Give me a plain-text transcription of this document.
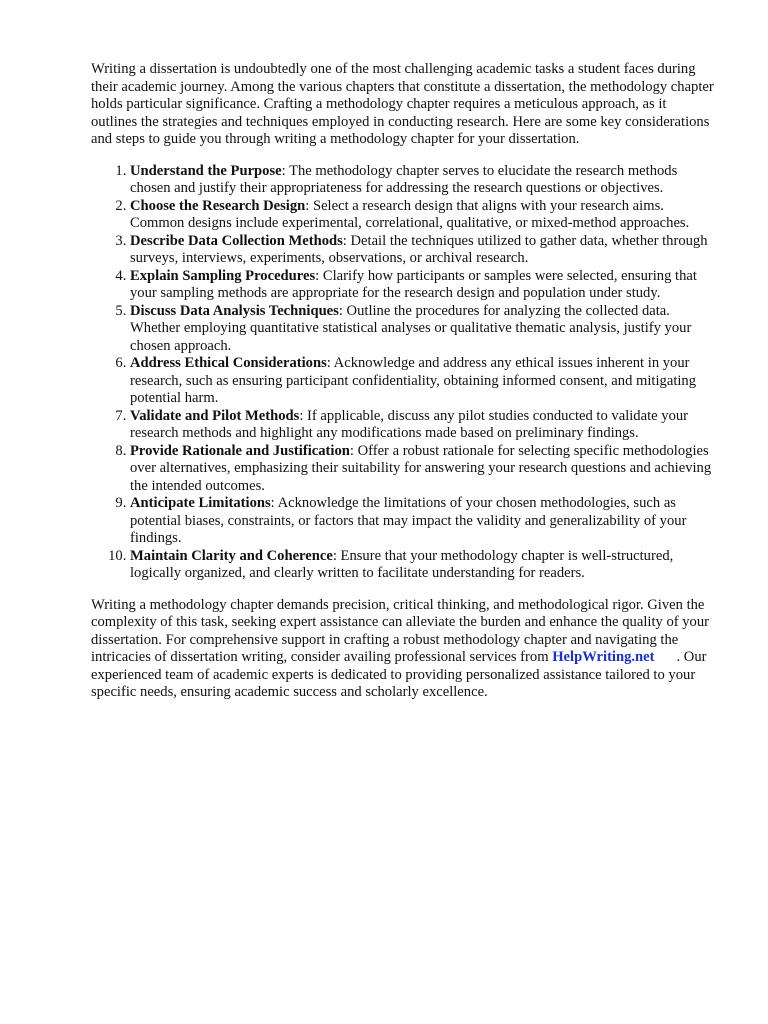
Writing a dissertation is undoubtedly one of the most challenging academic tasks a student faces during their academic journey. Among the various chapters that constitute a dissertation, the methodology chapter holds particular significance. Crafting a methodology chapter requires a meticulous approach, as it outlines the strategies and techniques employed in conducting research. Here are some key considerations and steps to guide you through writing a methodology chapter for your dissertation.

1. Understand the Purpose: The methodology chapter serves to elucidate the research methods chosen and justify their appropriateness for addressing the research questions or objectives.
2. Choose the Research Design: Select a research design that aligns with your research aims. Common designs include experimental, correlational, qualitative, or mixed-method approaches.
3. Describe Data Collection Methods: Detail the techniques utilized to gather data, whether through surveys, interviews, experiments, observations, or archival research.
4. Explain Sampling Procedures: Clarify how participants or samples were selected, ensuring that your sampling methods are appropriate for the research design and population under study.
5. Discuss Data Analysis Techniques: Outline the procedures for analyzing the collected data. Whether employing quantitative statistical analyses or qualitative thematic analysis, justify your chosen approach.
6. Address Ethical Considerations: Acknowledge and address any ethical issues inherent in your research, such as ensuring participant confidentiality, obtaining informed consent, and mitigating potential harm.
7. Validate and Pilot Methods: If applicable, discuss any pilot studies conducted to validate your research methods and highlight any modifications made based on preliminary findings.
8. Provide Rationale and Justification: Offer a robust rationale for selecting specific methodologies over alternatives, emphasizing their suitability for answering your research questions and achieving the intended outcomes.
9. Anticipate Limitations: Acknowledge the limitations of your chosen methodologies, such as potential biases, constraints, or factors that may impact the validity and generalizability of your findings.
10. Maintain Clarity and Coherence: Ensure that your methodology chapter is well-structured, logically organized, and clearly written to facilitate understanding for readers.

Writing a methodology chapter demands precision, critical thinking, and methodological rigor. Given the complexity of this task, seeking expert assistance can alleviate the burden and enhance the quality of your dissertation. For comprehensive support in crafting a robust methodology chapter and navigating the intricacies of dissertation writing, consider availing professional services from HelpWriting.net . Our experienced team of academic experts is dedicated to providing personalized assistance tailored to your specific needs, ensuring academic success and scholarly excellence.
